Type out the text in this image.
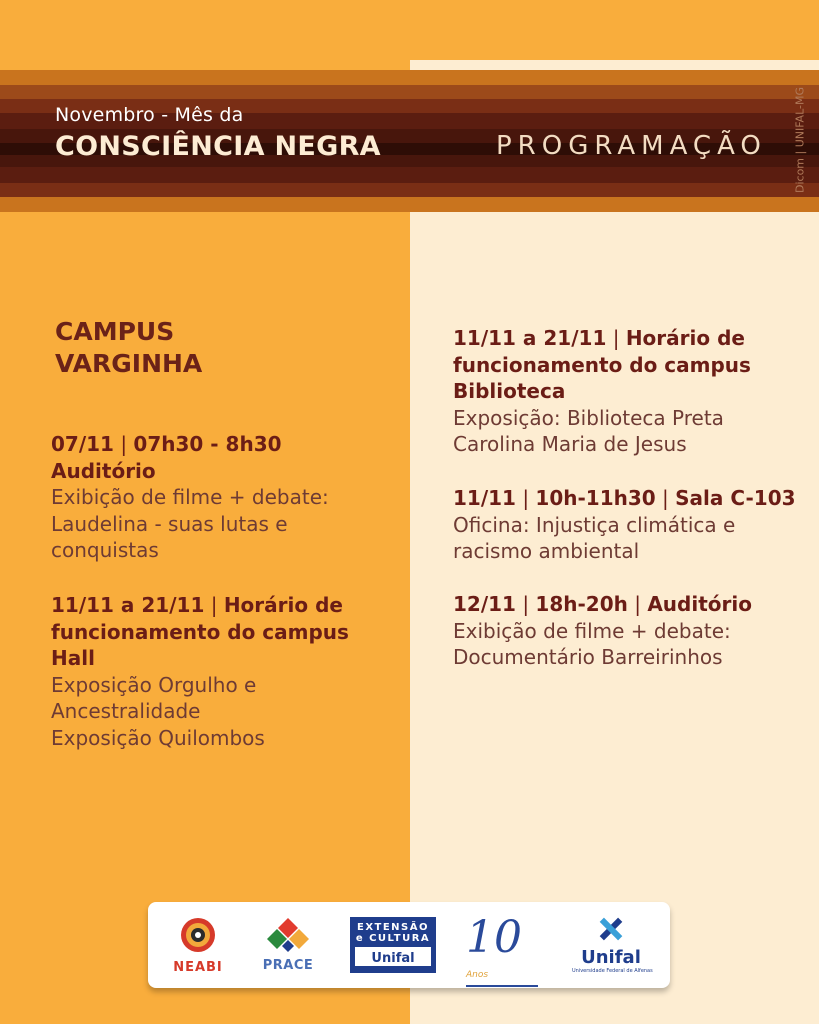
Novembro - Mês da
CONSCIÊNCIA NEGRA	PROGRAMAÇÃO Dicom | UNIFAL-MG
CAMPUS
VARGINHA
07/11 | 07h30 - 8h30
Auditório
Exibição de filme + debate:
Laudelina - suas lutas e
conquistas
11/11 a 21/11 | Horário de
funcionamento do campus
Hall
Exposição Orgulho e
Ancestralidade
Exposição Quilombos
11/11 a 21/11 | Horário de
funcionamento do campus
Biblioteca
Exposição: Biblioteca Preta
Carolina Maria de Jesus
11/11 | 10h-11h30 | Sala C-103
Oficina: Injustiça climática e
racismo ambiental
12/11 | 18h-20h | Auditório
Exibição de filme + debate:
Documentário Barreirinhos
NEABI	PRACE
EXTENSÃO
e CULTURA
Unifal	10 Anos
Unifal
Universidade Federal de Alfenas
